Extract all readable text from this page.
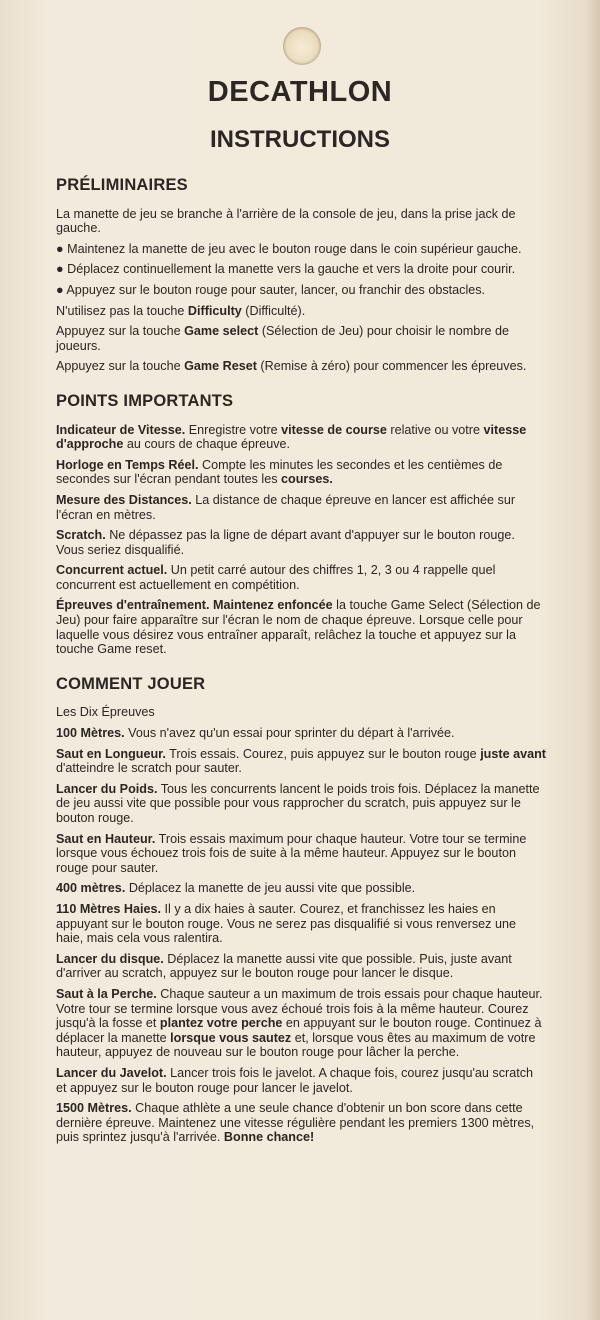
DECATHLON
INSTRUCTIONS
PRÉLIMINAIRES

La manette de jeu se branche à l'arrière de la console de jeu, dans la prise jack de gauche.

● Maintenez la manette de jeu avec le bouton rouge dans le coin supérieur gauche.

● Déplacez continuellement la manette vers la gauche et vers la droite pour courir.

● Appuyez sur le bouton rouge pour sauter, lancer, ou franchir des obstacles.

N'utilisez pas la touche Difficulty (Difficulté).

Appuyez sur la touche Game select (Sélection de Jeu) pour choisir le nombre de joueurs.

Appuyez sur la touche Game Reset (Remise à zéro) pour commencer les épreuves.

POINTS IMPORTANTS

Indicateur de Vitesse. Enregistre votre vitesse de course relative ou votre vitesse d'approche au cours de chaque épreuve.

Horloge en Temps Réel. Compte les minutes les secondes et les centièmes de secondes sur l'écran pendant toutes les courses.

Mesure des Distances. La distance de chaque épreuve en lancer est affichée sur l'écran en mètres.

Scratch. Ne dépassez pas la ligne de départ avant d'appuyer sur le bouton rouge. Vous seriez disqualifié.

Concurrent actuel. Un petit carré autour des chiffres 1, 2, 3 ou 4 rappelle quel concurrent est actuellement en compétition.

Épreuves d'entraînement. Maintenez enfoncée la touche Game Select (Sélection de Jeu) pour faire apparaître sur l'écran le nom de chaque épreuve. Lorsque celle pour laquelle vous désirez vous entraîner apparaît, relâchez la touche et appuyez sur la touche Game reset.

COMMENT JOUER

Les Dix Épreuves

100 Mètres. Vous n'avez qu'un essai pour sprinter du départ à l'arrivée.

Saut en Longueur. Trois essais. Courez, puis appuyez sur le bouton rouge juste avant d'atteindre le scratch pour sauter.

Lancer du Poids. Tous les concurrents lancent le poids trois fois. Déplacez la manette de jeu aussi vite que possible pour vous rapprocher du scratch, puis appuyez sur le bouton rouge.

Saut en Hauteur. Trois essais maximum pour chaque hauteur. Votre tour se termine lorsque vous échouez trois fois de suite à la même hauteur. Appuyez sur le bouton rouge pour sauter.

400 mètres. Déplacez la manette de jeu aussi vite que possible.

110 Mètres Haies. Il y a dix haies à sauter. Courez, et franchissez les haies en appuyant sur le bouton rouge. Vous ne serez pas disqualifié si vous renversez une haie, mais cela vous ralentira.

Lancer du disque. Déplacez la manette aussi vite que possible. Puis, juste avant d'arriver au scratch, appuyez sur le bouton rouge pour lancer le disque.

Saut à la Perche. Chaque sauteur a un maximum de trois essais pour chaque hauteur. Votre tour se termine lorsque vous avez échoué trois fois à la même hauteur. Courez jusqu'à la fosse et plantez votre perche en appuyant sur le bouton rouge. Continuez à déplacer la manette lorsque vous sautez et, lorsque vous êtes au maximum de votre hauteur, appuyez de nouveau sur le bouton rouge pour lâcher la perche.

Lancer du Javelot. Lancer trois fois le javelot. A chaque fois, courez jusqu'au scratch et appuyez sur le bouton rouge pour lancer le javelot.

1500 Mètres. Chaque athlète a une seule chance d'obtenir un bon score dans cette dernière épreuve. Maintenez une vitesse régulière pendant les premiers 1300 mètres, puis sprintez jusqu'à l'arrivée. Bonne chance!
